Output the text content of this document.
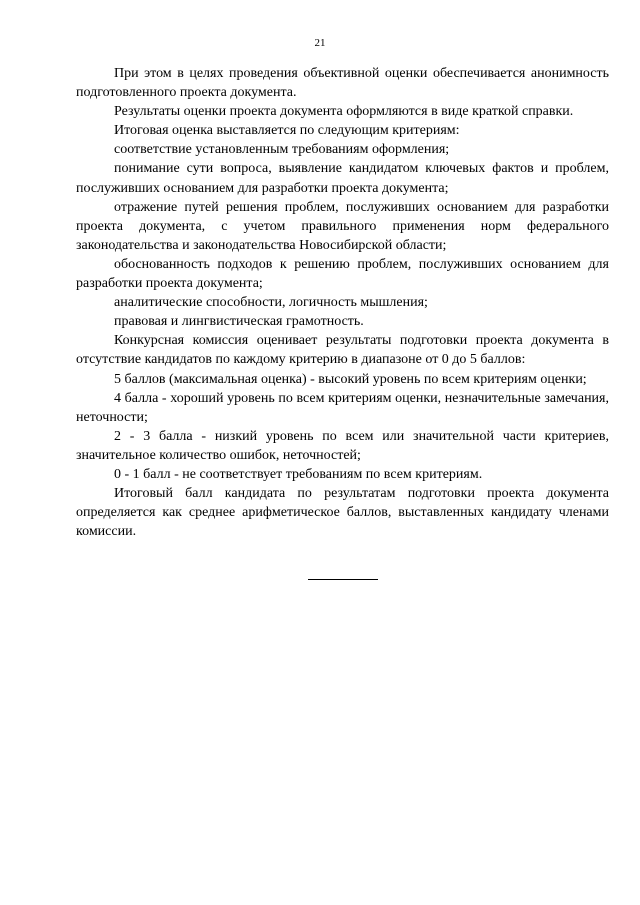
21

При этом в целях проведения объективной оценки обеспечивается анонимность подготовленного проекта документа.

Результаты оценки проекта документа оформляются в виде краткой справки.

Итоговая оценка выставляется по следующим критериям:

соответствие установленным требованиям оформления;

понимание сути вопроса, выявление кандидатом ключевых фактов и проблем, послуживших основанием для разработки проекта документа;

отражение путей решения проблем, послуживших основанием для разработки проекта документа, с учетом правильного применения норм федерального законодательства и законодательства Новосибирской области;

обоснованность подходов к решению проблем, послуживших основанием для разработки проекта документа;

аналитические способности, логичность мышления;

правовая и лингвистическая грамотность.

Конкурсная комиссия оценивает результаты подготовки проекта документа в отсутствие кандидатов по каждому критерию в диапазоне от 0 до 5 баллов:

5 баллов (максимальная оценка) - высокий уровень по всем критериям оценки;

4 балла - хороший уровень по всем критериям оценки, незначительные замечания, неточности;

2 - 3 балла - низкий уровень по всем или значительной части критериев, значительное количество ошибок, неточностей;

0 - 1 балл - не соответствует требованиям по всем критериям.

Итоговый балл кандидата по результатам подготовки проекта документа определяется как среднее арифметическое баллов, выставленных кандидату членами комиссии.
